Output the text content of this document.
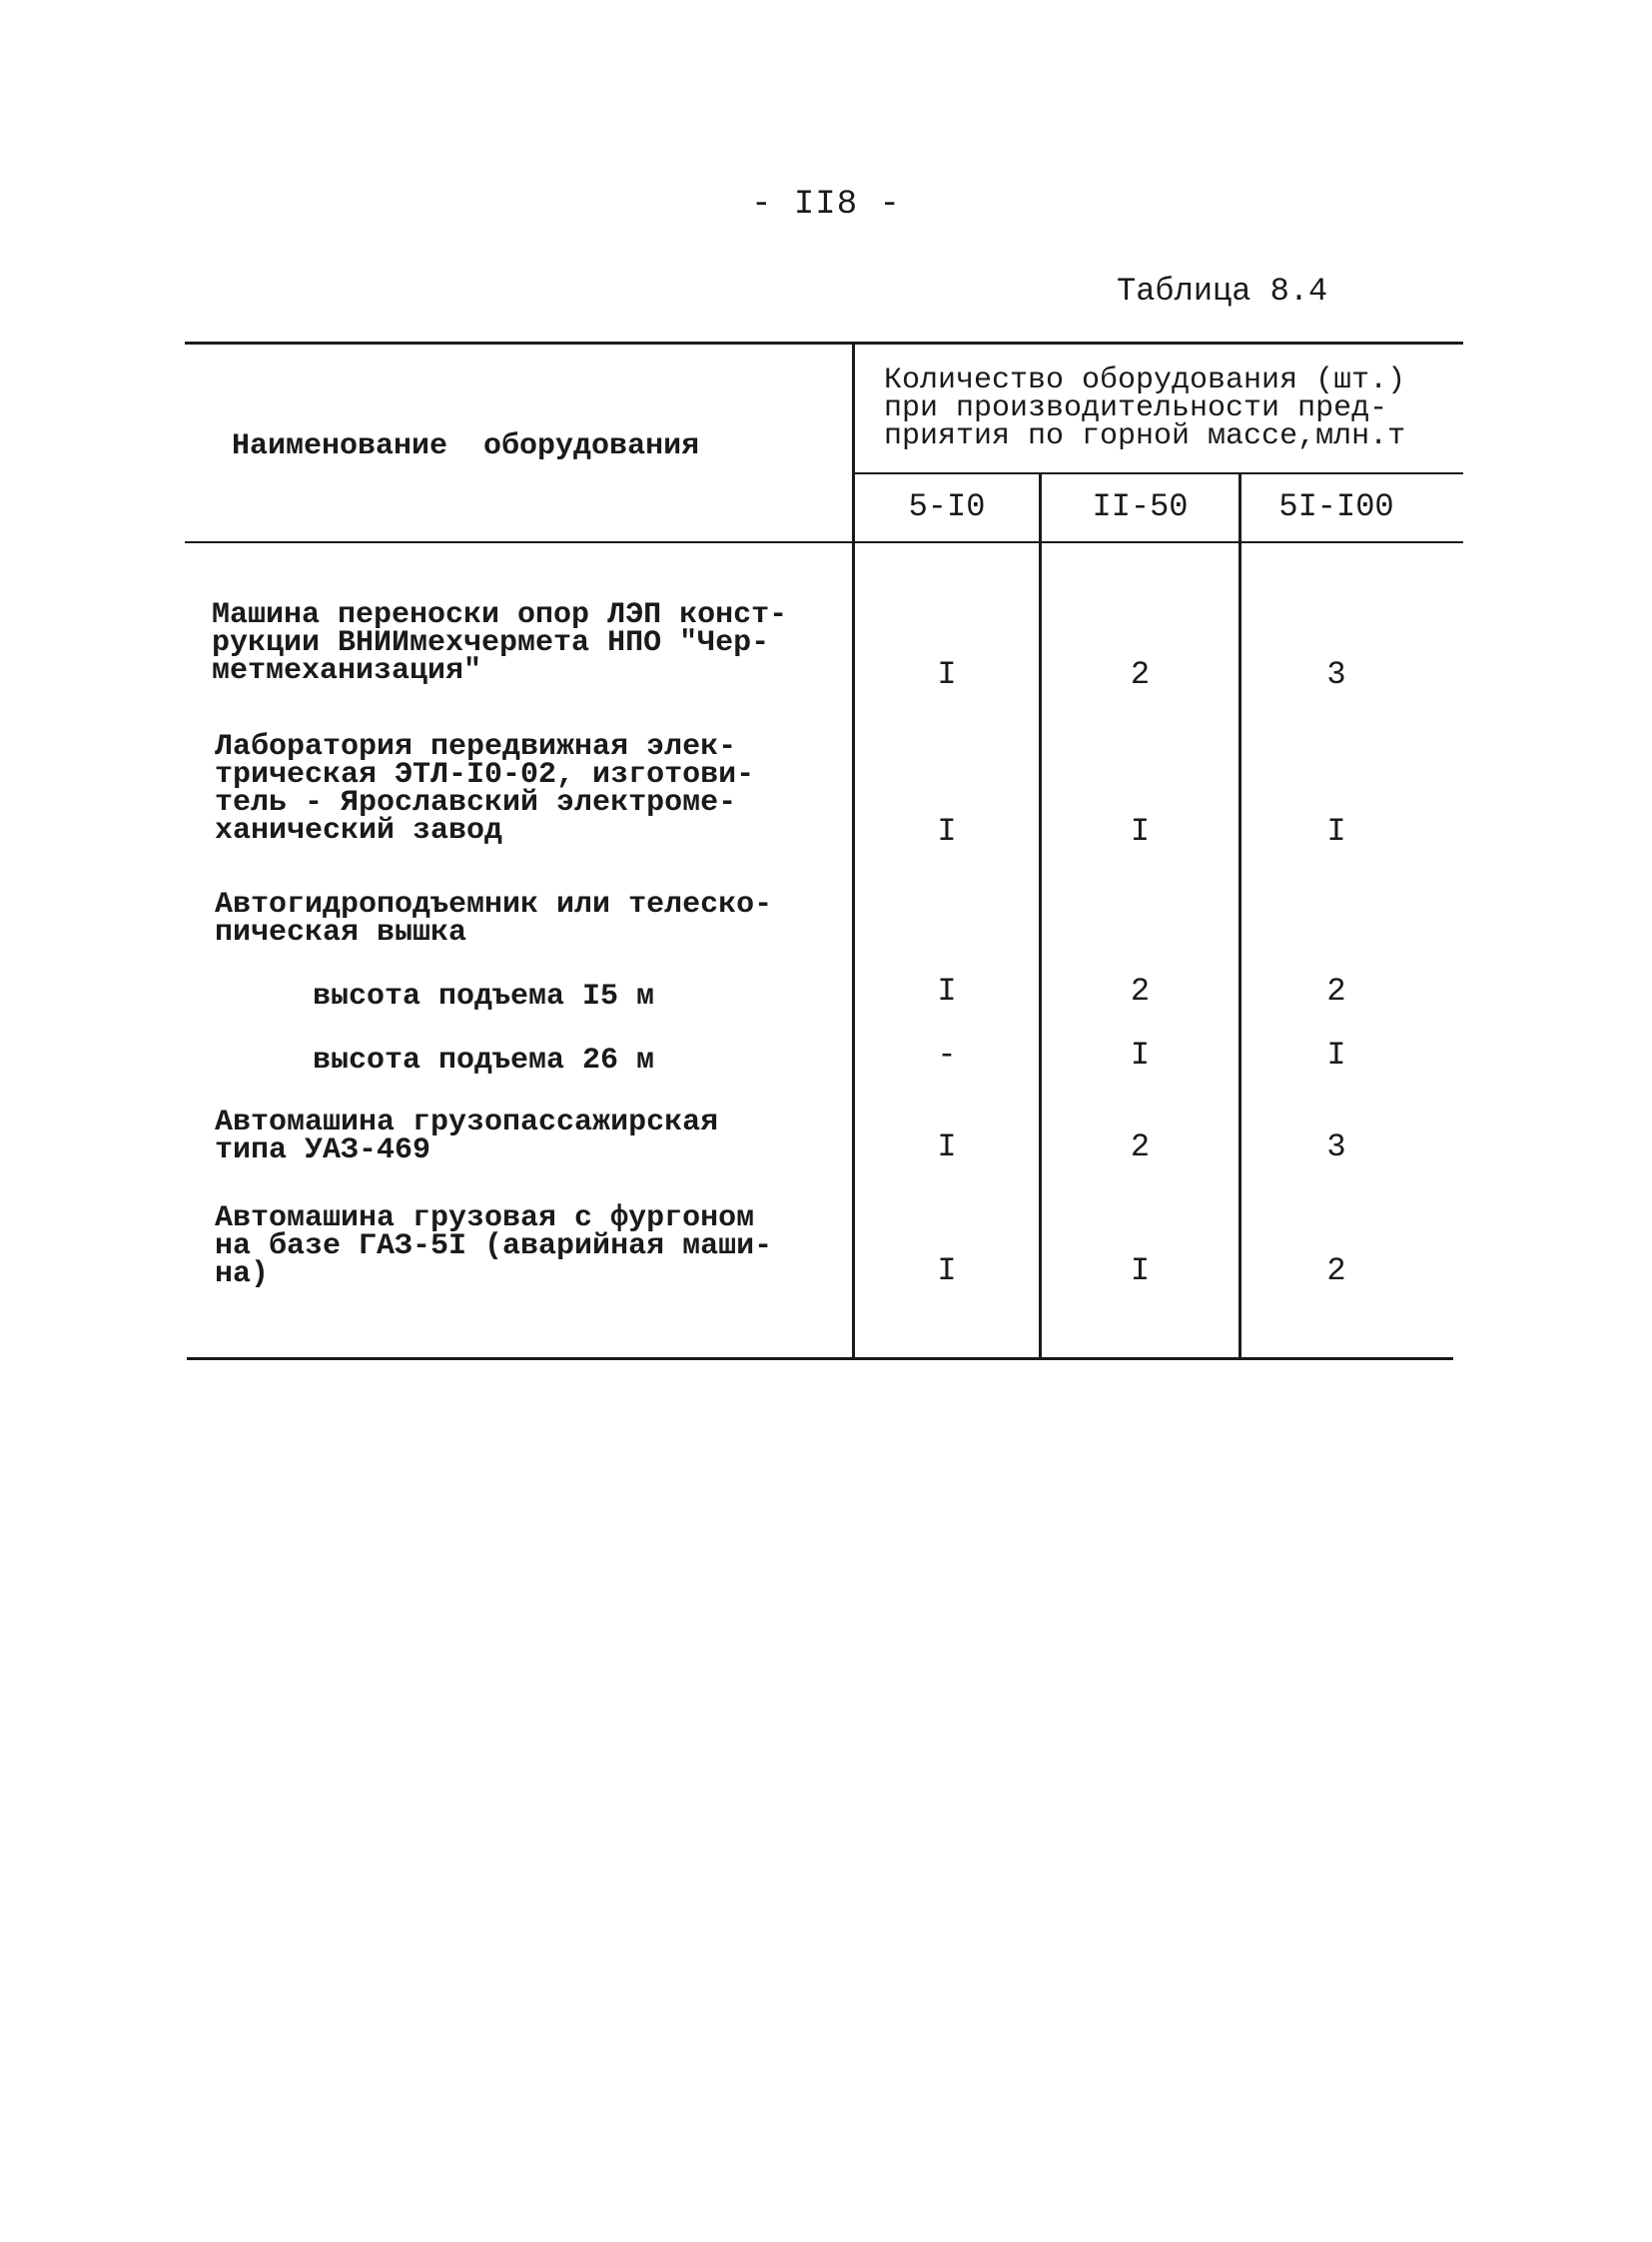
- II8 -
Таблица 8.4
Наименование  оборудования
Количество оборудования (шт.)
при производительности пред-
приятия по горной массе,млн.т
5-I0	II-50	5I-I00
Машина переноски опор ЛЭП конст-
рукции ВНИИмехчермета НПО "Чер-
метмеханизация"	I	2	3
Лаборатория передвижная элек-
трическая ЭТЛ-I0-02, изготови-
тель - Ярославский электроме-
ханический завод	I	I	I
Автогидроподъемник или телеско-
пическая вышка
высота подъема I5 м	I	2	2
высота подъема 26 м	-	I	I
Автомашина грузопассажирская
типа УАЗ-469	I	2	3
Автомашина грузовая с фургоном
на базе ГАЗ-5I (аварийная маши-
на)	I	I	2
